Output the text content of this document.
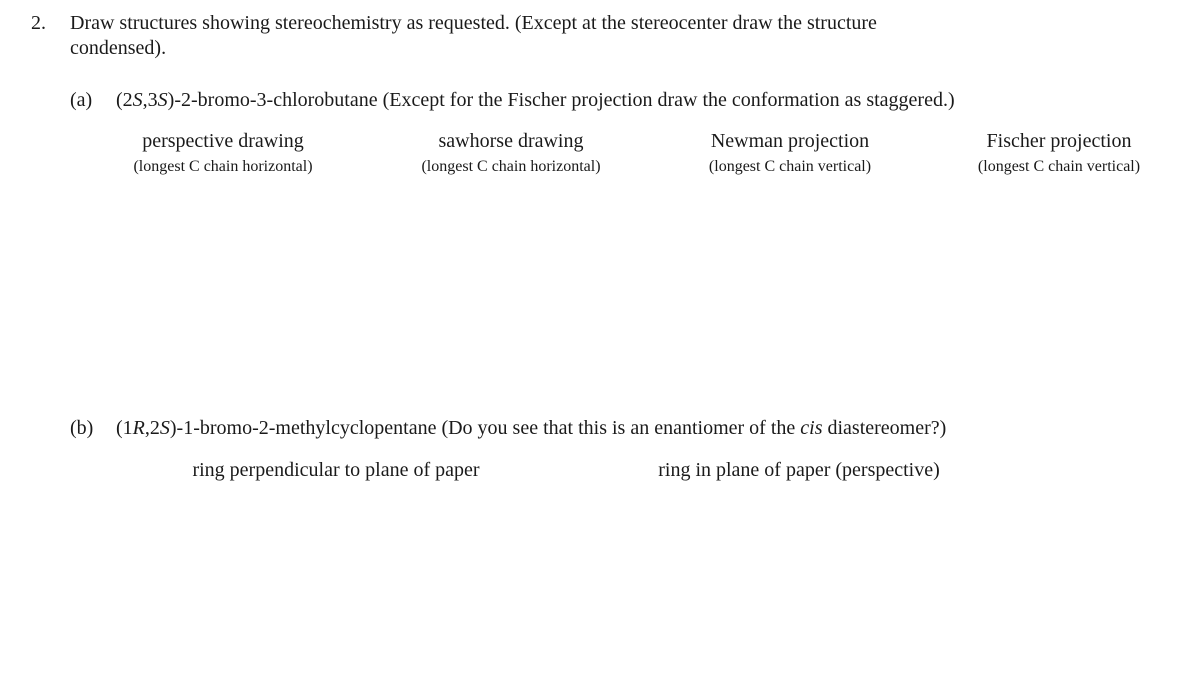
2. Draw structures showing stereochemistry as requested. (Except at the stereocenter draw the structure
condensed).
(a) (2S,3S)-2-bromo-3-chlorobutane (Except for the Fischer projection draw the conformation as staggered.)
perspective drawing
(longest C chain horizontal)
sawhorse drawing
(longest C chain horizontal)
Newman projection
(longest C chain vertical)
Fischer projection
(longest C chain vertical)
(b) (1R,2S)-1-bromo-2-methylcyclopentane (Do you see that this is an enantiomer of the cis diastereomer?)
ring perpendicular to plane of paper	ring in plane of paper (perspective)
